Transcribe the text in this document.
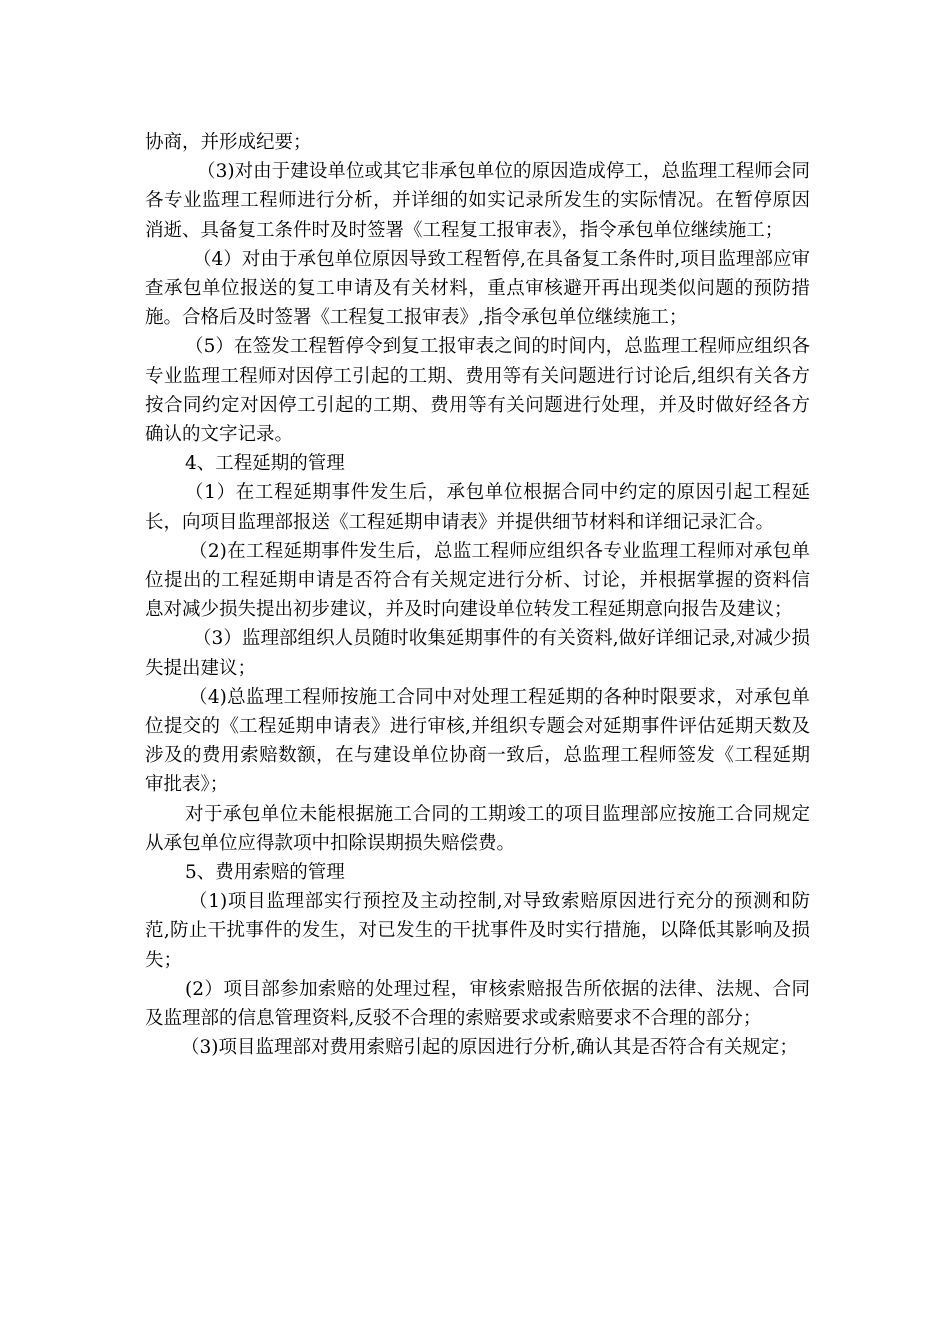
协商，并形成纪要；

（3)对由于建设单位或其它非承包单位的原因造成停工，总监理工程师会同各专业监理工程师进行分析，并详细的如实记录所发生的实际情况。在暂停原因消逝、具备复工条件时及时签署《工程复工报审表》，指令承包单位继续施工；

（4）对由于承包单位原因导致工程暂停,在具备复工条件时,项目监理部应审查承包单位报送的复工申请及有关材料，重点审核避开再出现类似问题的预防措施。合格后及时签署《工程复工报审表》,指令承包单位继续施工；

（5）在签发工程暂停令到复工报审表之间的时间内，总监理工程师应组织各专业监理工程师对因停工引起的工期、费用等有关问题进行讨论后,组织有关各方按合同约定对因停工引起的工期、费用等有关问题进行处理，并及时做好经各方确认的文字记录。

4、工程延期的管理

（1）在工程延期事件发生后，承包单位根据合同中约定的原因引起工程延长，向项目监理部报送《工程延期申请表》并提供细节材料和详细记录汇合。

（2)在工程延期事件发生后，总监工程师应组织各专业监理工程师对承包单位提出的工程延期申请是否符合有关规定进行分析、讨论，并根据掌握的资料信息对减少损失提出初步建议，并及时向建设单位转发工程延期意向报告及建议；

（3）监理部组织人员随时收集延期事件的有关资料,做好详细记录,对减少损失提出建议；

（4)总监理工程师按施工合同中对处理工程延期的各种时限要求，对承包单位提交的《工程延期申请表》进行审核,并组织专题会对延期事件评估延期天数及涉及的费用索赔数额，在与建设单位协商一致后，总监理工程师签发《工程延期审批表》；

对于承包单位未能根据施工合同的工期竣工的项目监理部应按施工合同规定从承包单位应得款项中扣除误期损失赔偿费。

5、费用索赔的管理

（1)项目监理部实行预控及主动控制,对导致索赔原因进行充分的预测和防范,防止干扰事件的发生，对已发生的干扰事件及时实行措施，以降低其影响及损失；

(2）项目部参加索赔的处理过程，审核索赔报告所依据的法律、法规、合同及监理部的信息管理资料,反驳不合理的索赔要求或索赔要求不合理的部分；

（3)项目监理部对费用索赔引起的原因进行分析,确认其是否符合有关规定；
